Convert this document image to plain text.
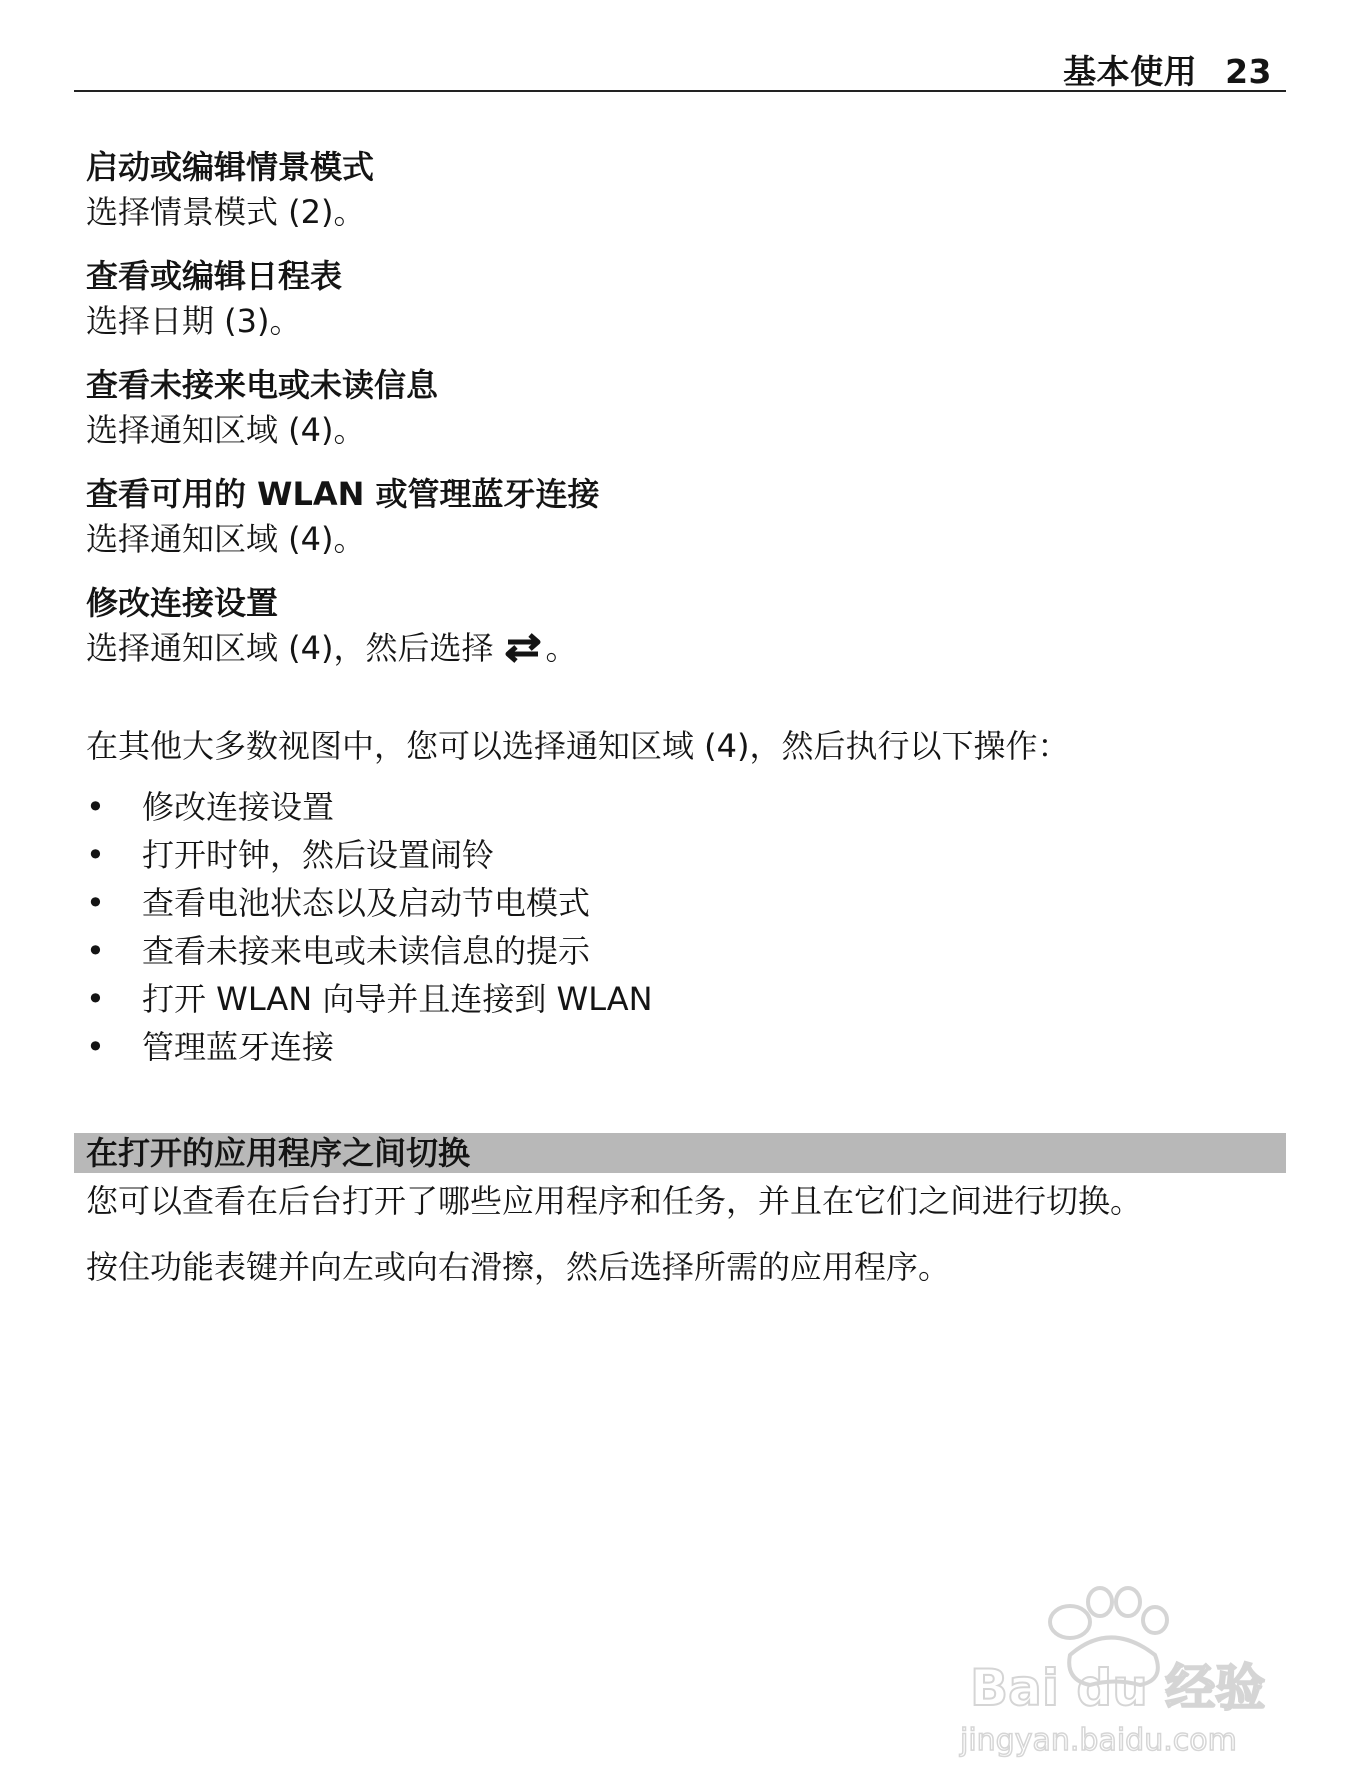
基本使用 23
启动或编辑情景模式
选择情景模式 (2)。
查看或编辑日程表
选择日期 (3)。
查看未接来电或未读信息
选择通知区域 (4)。
查看可用的 WLAN 或管理蓝牙连接
选择通知区域 (4)。
修改连接设置
选择通知区域 (4)，然后选择 。
在其他大多数视图中，您可以选择通知区域 (4)，然后执行以下操作：
• 修改连接设置
• 打开时钟，然后设置闹铃
• 查看电池状态以及启动节电模式
• 查看未接来电或未读信息的提示
• 打开 WLAN 向导并且连接到 WLAN
• 管理蓝牙连接
在打开的应用程序之间切换
您可以查看在后台打开了哪些应用程序和任务，并且在它们之间进行切换。
按住功能表键并向左或向右滑擦，然后选择所需的应用程序。
Bai du 经验
jingyan.baidu.com
